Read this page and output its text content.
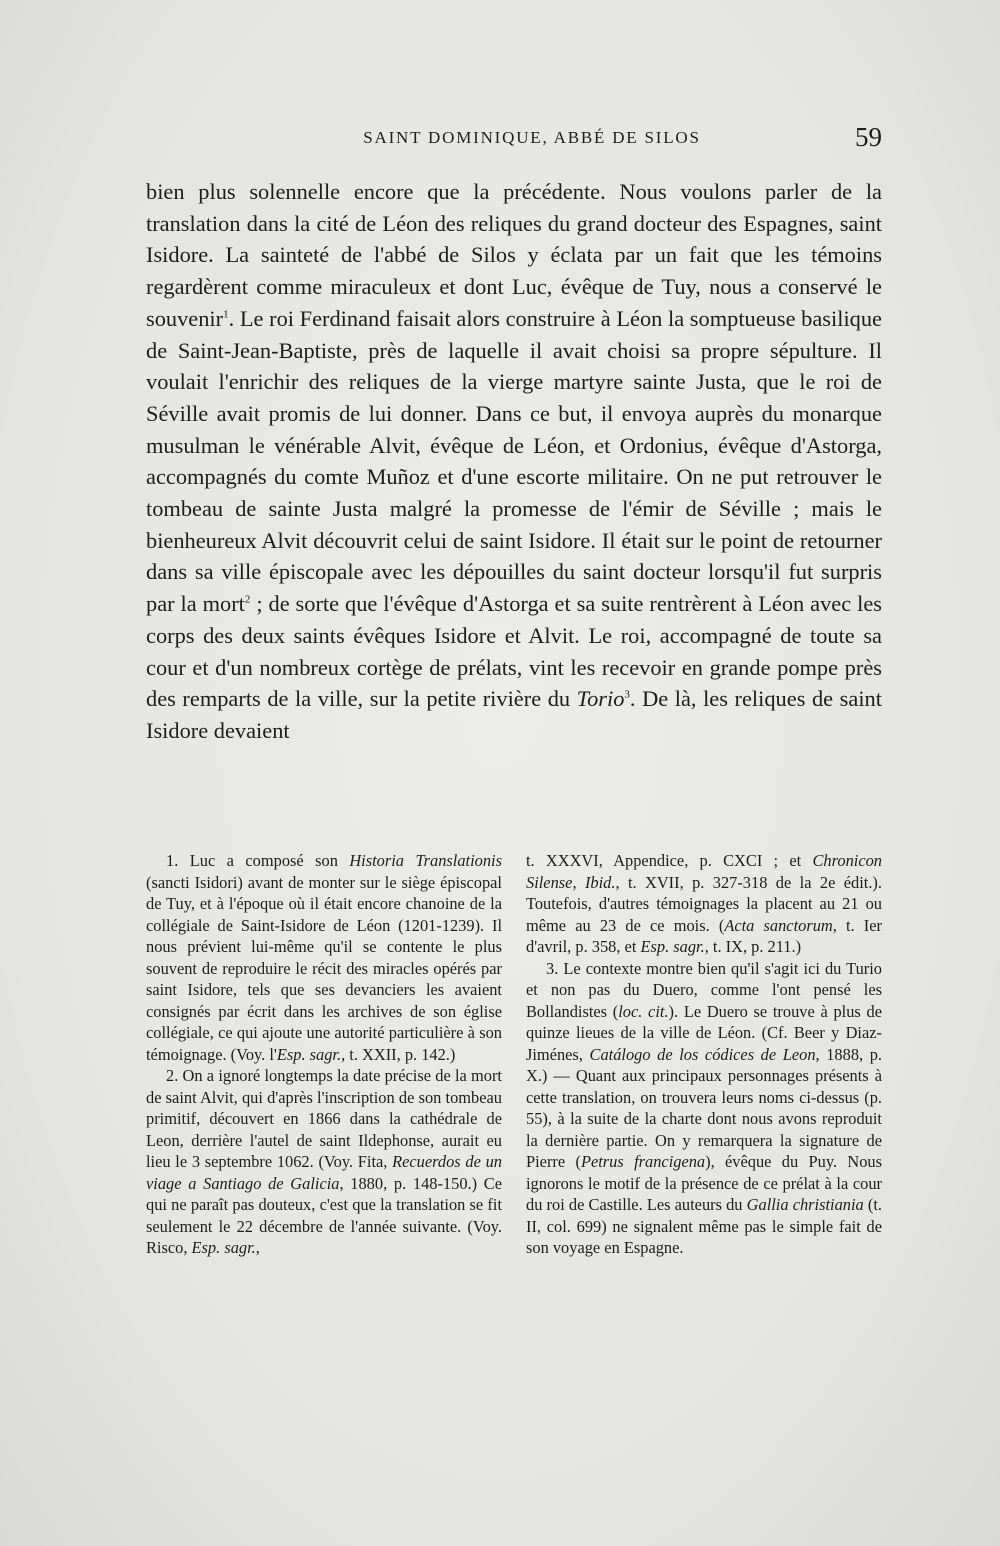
SAINT DOMINIQUE, ABBÉ DE SILOS	59

bien plus solennelle encore que la précédente. Nous voulons parler de la translation dans la cité de Léon des reliques du grand docteur des Espagnes, saint Isidore. La sainteté de l'abbé de Silos y éclata par un fait que les témoins regardèrent comme miraculeux et dont Luc, évêque de Tuy, nous a conservé le souvenir$^1$. Le roi Ferdinand faisait alors construire à Léon la somptueuse basilique de Saint-Jean-Baptiste, près de laquelle il avait choisi sa propre sépulture. Il voulait l'enrichir des reliques de la vierge martyre sainte Justa, que le roi de Séville avait promis de lui donner. Dans ce but, il envoya auprès du monarque musulman le vénérable Alvit, évêque de Léon, et Ordonius, évêque d'Astorga, accompagnés du comte Muñoz et d'une escorte militaire. On ne put retrouver le tombeau de sainte Justa malgré la promesse de l'émir de Séville ; mais le bienheureux Alvit découvrit celui de saint Isidore. Il était sur le point de retourner dans sa ville épiscopale avec les dépouilles du saint docteur lorsqu'il fut surpris par la mort$^2$ ; de sorte que l'évêque d'Astorga et sa suite rentrèrent à Léon avec les corps des deux saints évêques Isidore et Alvit. Le roi, accompagné de toute sa cour et d'un nombreux cortège de prélats, vint les recevoir en grande pompe près des remparts de la ville, sur la petite rivière du Torio$^3$. De là, les reliques de saint Isidore devaient

1. Luc a composé son Historia Translationis (sancti Isidori) avant de monter sur le siège épiscopal de Tuy, et à l'époque où il était encore chanoine de la collégiale de Saint-Isidore de Léon (1201-1239). Il nous prévient lui-même qu'il se contente le plus souvent de reproduire le récit des miracles opérés par saint Isidore, tels que ses devanciers les avaient consignés par écrit dans les archives de son église collégiale, ce qui ajoute une autorité particulière à son témoignage. (Voy. l'Esp. sagr., t. XXII, p. 142.)

2. On a ignoré longtemps la date précise de la mort de saint Alvit, qui d'après l'inscription de son tombeau primitif, découvert en 1866 dans la cathédrale de Leon, derrière l'autel de saint Ildephonse, aurait eu lieu le 3 septembre 1062. (Voy. Fita, Recuerdos de un viage a Santiago de Galicia, 1880, p. 148-150.) Ce qui ne paraît pas douteux, c'est que la translation se fit seulement le 22 décembre de l'année suivante. (Voy. Risco, Esp. sagr.,

t. XXXVI, Appendice, p. CXCI ; et Chronicon Silense, Ibid., t. XVII, p. 327-318 de la 2e édit.). Toutefois, d'autres témoignages la placent au 21 ou même au 23 de ce mois. (Acta sanctorum, t. Ier d'avril, p. 358, et Esp. sagr., t. IX, p. 211.)

3. Le contexte montre bien qu'il s'agit ici du Turio et non pas du Duero, comme l'ont pensé les Bollandistes (loc. cit.). Le Duero se trouve à plus de quinze lieues de la ville de Léon. (Cf. Beer y Diaz-Jiménes, Catálogo de los códices de Leon, 1888, p. X.) — Quant aux principaux personnages présents à cette translation, on trouvera leurs noms ci-dessus (p. 55), à la suite de la charte dont nous avons reproduit la dernière partie. On y remarquera la signature de Pierre (Petrus francigena), évêque du Puy. Nous ignorons le motif de la présence de ce prélat à la cour du roi de Castille. Les auteurs du Gallia christiania (t. II, col. 699) ne signalent même pas le simple fait de son voyage en Espagne.
